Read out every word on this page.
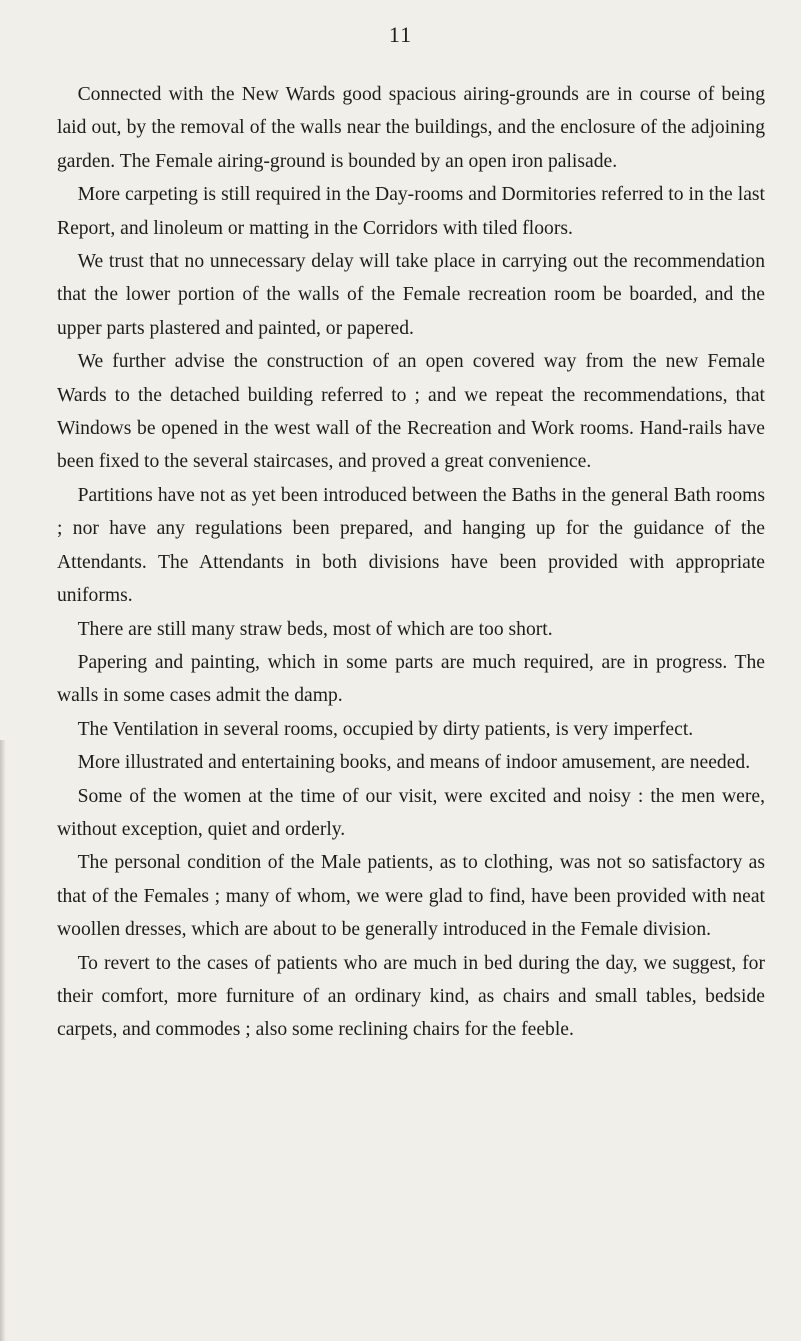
11

Connected with the New Wards good spacious airing-grounds are in course of being laid out, by the removal of the walls near the buildings, and the enclosure of the adjoining garden. The Female airing-ground is bounded by an open iron palisade.

More carpeting is still required in the Day-rooms and Dormitories referred to in the last Report, and linoleum or matting in the Corridors with tiled floors.

We trust that no unnecessary delay will take place in carrying out the recommendation that the lower portion of the walls of the Female recreation room be boarded, and the upper parts plastered and painted, or papered.

We further advise the construction of an open covered way from the new Female Wards to the detached building referred to ; and we repeat the recommendations, that Windows be opened in the west wall of the Recreation and Work rooms. Hand-rails have been fixed to the several staircases, and proved a great convenience.

Partitions have not as yet been introduced between the Baths in the general Bath rooms ; nor have any regulations been prepared, and hanging up for the guidance of the Attendants. The Attendants in both divisions have been provided with appropriate uniforms.

There are still many straw beds, most of which are too short.

Papering and painting, which in some parts are much required, are in progress. The walls in some cases admit the damp.

The Ventilation in several rooms, occupied by dirty patients, is very imperfect.

More illustrated and entertaining books, and means of indoor amusement, are needed.

Some of the women at the time of our visit, were excited and noisy : the men were, without exception, quiet and orderly.

The personal condition of the Male patients, as to clothing, was not so satisfactory as that of the Females ; many of whom, we were glad to find, have been provided with neat woollen dresses, which are about to be generally introduced in the Female division.

To revert to the cases of patients who are much in bed during the day, we suggest, for their comfort, more furniture of an ordinary kind, as chairs and small tables, bedside carpets, and commodes ; also some reclining chairs for the feeble.
